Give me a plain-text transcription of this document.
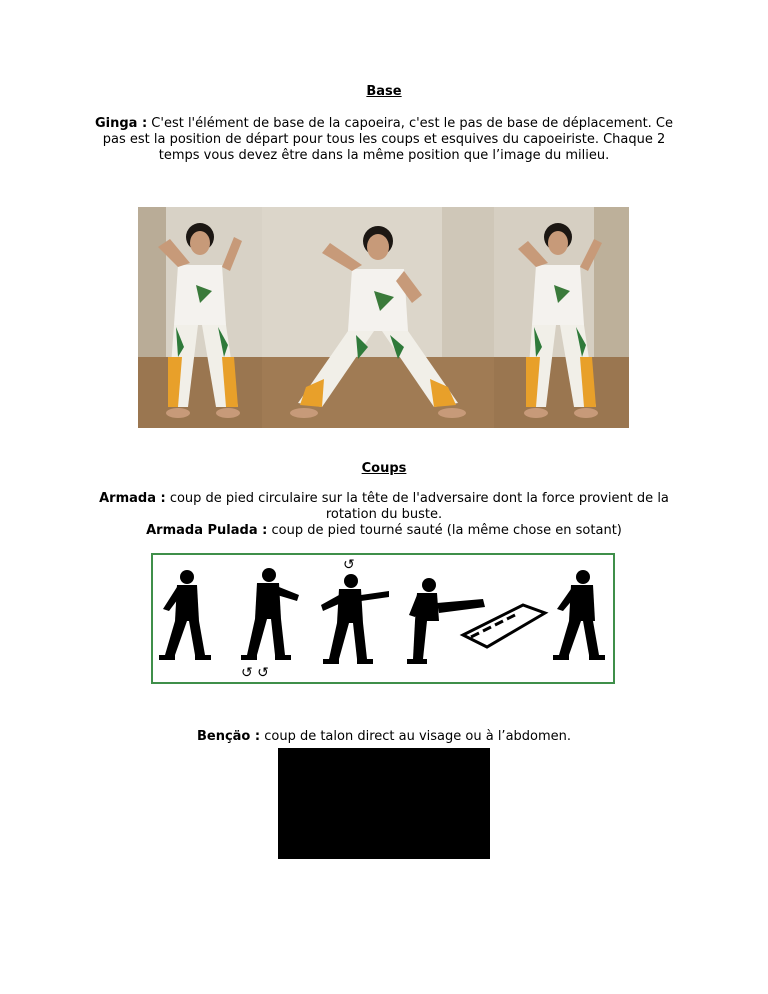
Base
Ginga : C'est l'élément de base de la capoeira, c'est le pas de base de déplacement. Ce
pas est la position de départ pour tous les coups et esquives du capoeiriste. Chaque 2
temps vous devez être dans la même position que l’image du milieu.
Coups
Armada : coup de pied circulaire sur la tête de l'adversaire dont la force provient de la
rotation du buste.
Armada Pulada : coup de pied tourné sauté (la même chose en sotant)
↺ ↺
↺
Bençäo : coup de talon direct au visage ou à l’abdomen.
